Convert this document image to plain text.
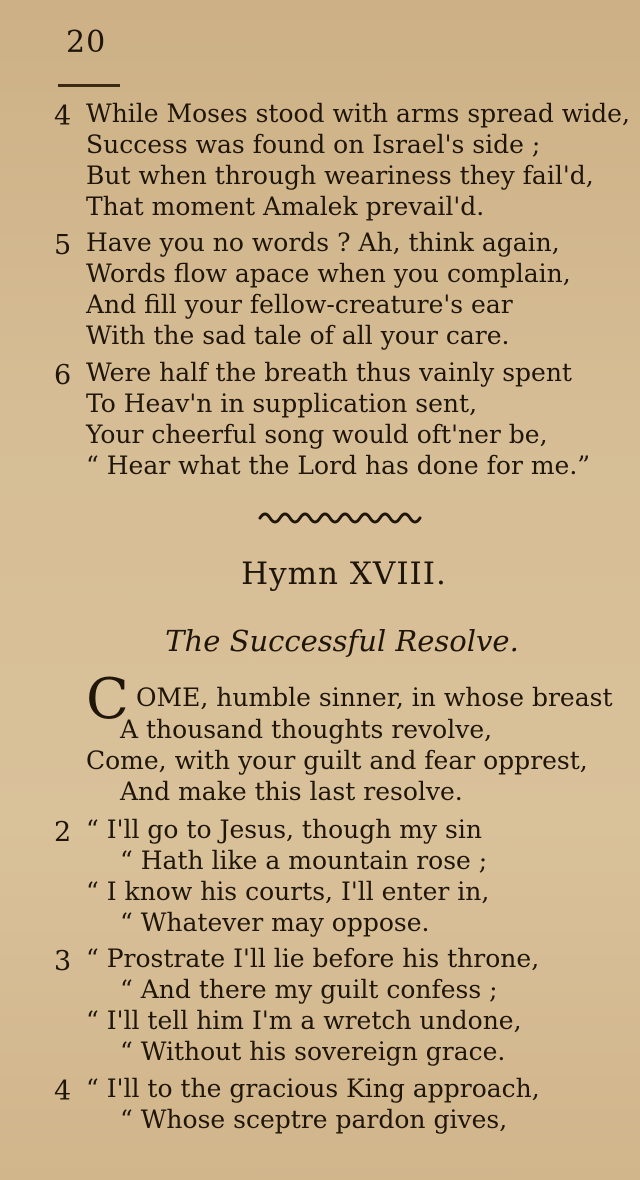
20
4 While Moses stood with arms spread wide,
Success was found on Israel's side ;
But when through weariness they fail'd,
That moment Amalek prevail'd.
5 Have you no words ? Ah, think again,
Words flow apace when you complain,
And fill your fellow-creature's ear
With the sad tale of all your care.
6 Were half the breath thus vainly spent
To Heav'n in supplication sent,
Your cheerful song would oft'ner be,
“ Hear what the Lord has done for me.”
Hymn XVIII.
The Successful Resolve.
C OME, humble sinner, in whose breast
A thousand thoughts revolve,
Come, with your guilt and fear opprest,
And make this last resolve.
2 “ I'll go to Jesus, though my sin
“ Hath like a mountain rose ;
“ I know his courts, I'll enter in,
“ Whatever may oppose.
3 “ Prostrate I'll lie before his throne,
“ And there my guilt confess ;
“ I'll tell him I'm a wretch undone,
“ Without his sovereign grace.
4 “ I'll to the gracious King approach,
“ Whose sceptre pardon gives,
